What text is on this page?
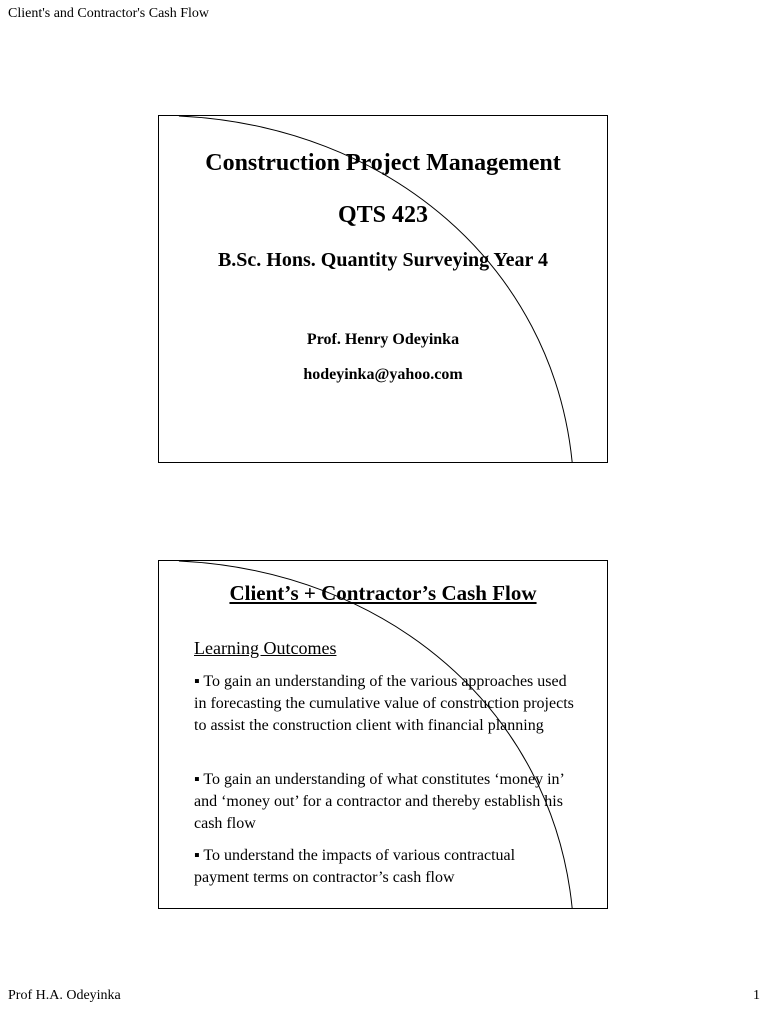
Client's and Contractor's Cash Flow
Construction Project Management
QTS 423
B.Sc. Hons. Quantity Surveying Year 4
Prof. Henry Odeyinka
hodeyinka@yahoo.com
Client’s + Contractor’s Cash Flow
Learning Outcomes
▪ To gain an understanding of the various approaches used in forecasting the cumulative value of construction projects to assist the construction client with financial planning
▪ To gain an understanding of what constitutes ‘money in’ and ‘money out’ for a contractor and thereby establish his cash flow
▪ To understand the impacts of various contractual payment terms on contractor’s cash flow
Prof H.A. Odeyinka	1
